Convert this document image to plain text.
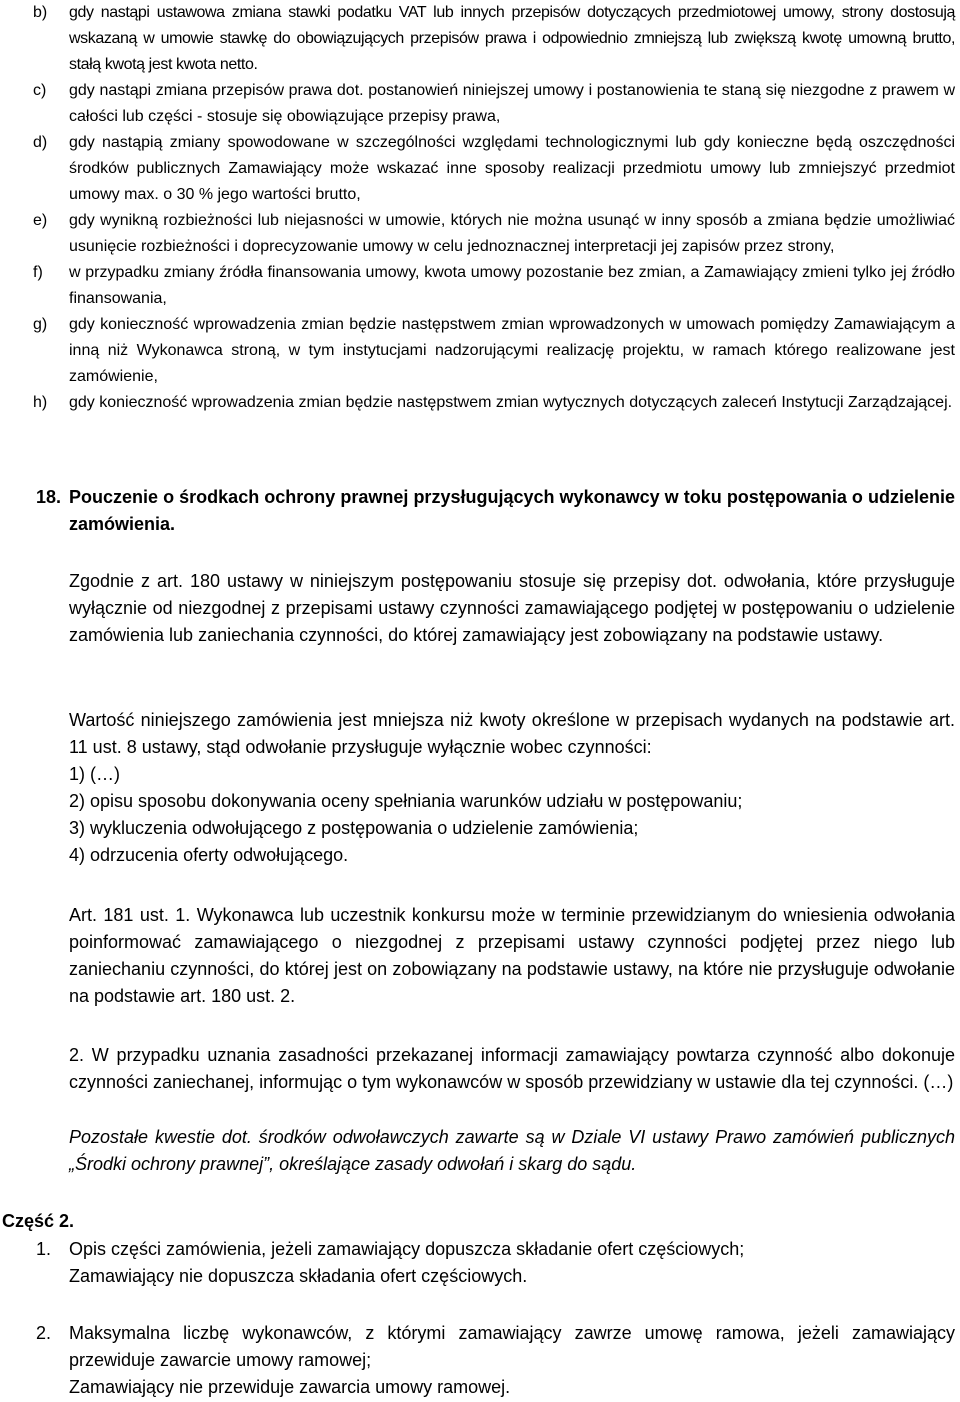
b)	gdy nastąpi ustawowa zmiana stawki podatku VAT lub innych przepisów dotyczących przedmiotowej umowy, strony dostosują wskazaną w umowie stawkę do obowiązujących przepisów prawa i odpowiednio zmniejszą lub zwiększą kwotę umowną brutto, stałą kwotą jest kwota netto.
c)	gdy nastąpi zmiana przepisów prawa dot. postanowień niniejszej umowy i postanowienia te staną się niezgodne z prawem w całości lub części - stosuje się obowiązujące przepisy prawa,
d)	gdy nastąpią zmiany spowodowane w szczególności względami technologicznymi lub gdy konieczne będą oszczędności środków publicznych Zamawiający może wskazać inne sposoby realizacji przedmiotu umowy lub zmniejszyć przedmiot umowy max. o 30 % jego wartości brutto,
e)	gdy wynikną rozbieżności lub niejasności w umowie, których nie można usunąć w inny sposób a zmiana będzie umożliwiać usunięcie rozbieżności i doprecyzowanie umowy w celu jednoznacznej interpretacji jej zapisów przez strony,
f)	w przypadku zmiany źródła finansowania umowy, kwota umowy pozostanie bez zmian, a Zamawiający zmieni tylko jej źródło finansowania,
g)	gdy konieczność wprowadzenia zmian będzie następstwem zmian wprowadzonych w umowach pomiędzy Zamawiającym a inną niż Wykonawca stroną, w tym instytucjami nadzorującymi realizację projektu, w ramach którego realizowane jest zamówienie,
h)	gdy konieczność wprowadzenia zmian będzie następstwem zmian wytycznych dotyczących zaleceń Instytucji Zarządzającej.
18. Pouczenie o środkach ochrony prawnej przysługujących wykonawcy w toku postępowania o udzielenie zamówienia.
Zgodnie z art. 180 ustawy w niniejszym postępowaniu stosuje się przepisy dot. odwołania, które przysługuje wyłącznie od niezgodnej z przepisami ustawy czynności zamawiającego podjętej w postępowaniu o udzielenie zamówienia lub zaniechania czynności, do której zamawiający jest zobowiązany na podstawie ustawy.
Wartość niniejszego zamówienia jest mniejsza niż kwoty określone w przepisach wydanych na podstawie art. 11 ust. 8 ustawy, stąd odwołanie przysługuje wyłącznie wobec czynności:
1) (…)
2) opisu sposobu dokonywania oceny spełniania warunków udziału w postępowaniu;
3) wykluczenia odwołującego z postępowania o udzielenie zamówienia;
4) odrzucenia oferty odwołującego.
Art. 181 ust. 1. Wykonawca lub uczestnik konkursu może w terminie przewidzianym do wniesienia odwołania poinformować zamawiającego o niezgodnej z przepisami ustawy czynności podjętej przez niego lub zaniechaniu czynności, do której jest on zobowiązany na podstawie ustawy, na które nie przysługuje odwołanie na podstawie art. 180 ust. 2.
2. W przypadku uznania zasadności przekazanej informacji zamawiający powtarza czynność albo dokonuje czynności zaniechanej, informując o tym wykonawców w sposób przewidziany w ustawie dla tej czynności. (…)
Pozostałe kwestie dot. środków odwoławczych zawarte są w Dziale VI ustawy Prawo zamówień publicznych „Środki ochrony prawnej”, określające zasady odwołań i skarg do sądu.
Część 2.
1. Opis części zamówienia, jeżeli zamawiający dopuszcza składanie ofert częściowych;
Zamawiający nie dopuszcza składania ofert częściowych.
2. Maksymalna liczbę wykonawców, z którymi zamawiający zawrze umowę ramowa, jeżeli zamawiający przewiduje zawarcie umowy ramowej;
Zamawiający nie przewiduje zawarcia umowy ramowej.
